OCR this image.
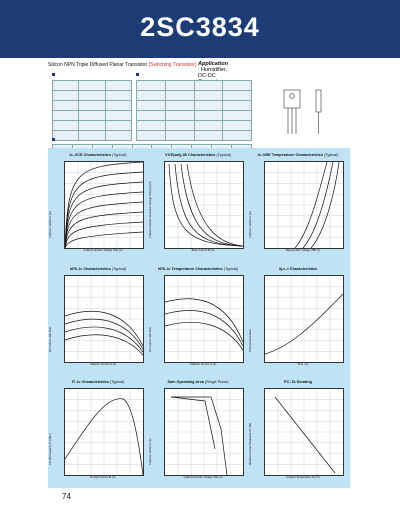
2SC3834
Silicon NPN Triple Diffused Planar Transistor (Switching Transistor) Application : Humidifier, DC-DC

Ic–VCE Characteristics (Typical)
Collector-Emitter Voltage VCE (V)
Collector Current Ic (A)
VCE(sat)–IB Characteristics (Typical)
Base Current IB (A)
Collector-Emitter Saturation Voltage VCE(sat) (V)
Ic–VBE Temperature Characteristics (Typical)
Base-Emitter Voltage VBE (V)
Collector Current Ic (A)
hFE–Ic Characteristics (Typical)
Collector Current Ic (A)
DC Current Gain hFE
hFE–Ic Temperature Characteristics (Typical)
Collector Current Ic (A)
DC Current Gain hFE
θj-c–t Characteristics
Time t (s)
Thermal Resistance
fT–Ic Characteristics (Typical)
Emitter Current IE (A)
Cut-off Frequency fT (MHz)
Safe Operating Area (Single Pulse)
Collector-Emitter Voltage VCE (V)
Collector Current Ic (A)
PC–Ta Derating
Ambient Temperature Ta (°C)
Maximum Power Dissipation PC (W)
74
